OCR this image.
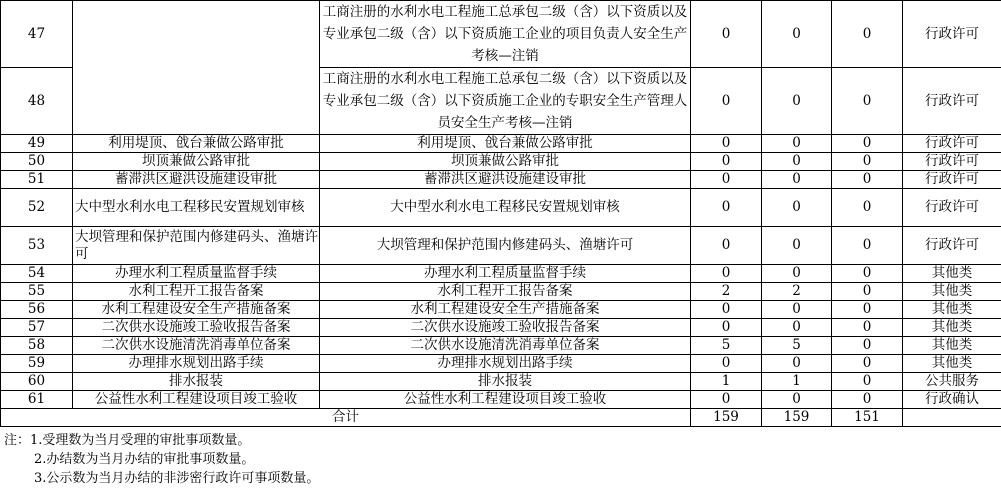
47		工商注册的水利水电工程施工总承包二级（含）以下资质以及专业承包二级（含）以下资质施工企业的项目负责人安全生产考核—注销	0	0	0	行政许可
48		工商注册的水利水电工程施工总承包二级（含）以下资质以及专业承包二级（含）以下资质施工企业的专职安全生产管理人员安全生产考核—注销	0	0	0	行政许可
49	利用堤顶、戗台兼做公路审批	利用堤顶、戗台兼做公路审批	0	0	0	行政许可
50	坝顶兼做公路审批	坝顶兼做公路审批	0	0	0	行政许可
51	蓄滞洪区避洪设施建设审批	蓄滞洪区避洪设施建设审批	0	0	0	行政许可
52	大中型水利水电工程移民安置规划审核	大中型水利水电工程移民安置规划审核	0	0	0	行政许可
53	大坝管理和保护范围内修建码头、渔塘许可	大坝管理和保护范围内修建码头、渔塘许可	0	0	0	行政许可
54	办理水利工程质量监督手续	办理水利工程质量监督手续	0	0	0	其他类
55	水利工程开工报告备案	水利工程开工报告备案	2	2	0	其他类
56	水利工程建设安全生产措施备案	水利工程建设安全生产措施备案	0	0	0	其他类
57	二次供水设施竣工验收报告备案	二次供水设施竣工验收报告备案	0	0	0	其他类
58	二次供水设施清洗消毒单位备案	二次供水设施清洗消毒单位备案	5	5	0	其他类
59	办理排水规划出路手续	办理排水规划出路手续	0	0	0	其他类
60	排水报装	排水报装	1	1	0	公共服务
61	公益性水利工程建设项目竣工验收	公益性水利工程建设项目竣工验收	0	0	0	行政确认
合计			159	159	151	
注：1.受理数为当月受理的审批事项数量。
2.办结数为当月办结的审批事项数量。
3.公示数为当月办结的非涉密行政许可事项数量。
